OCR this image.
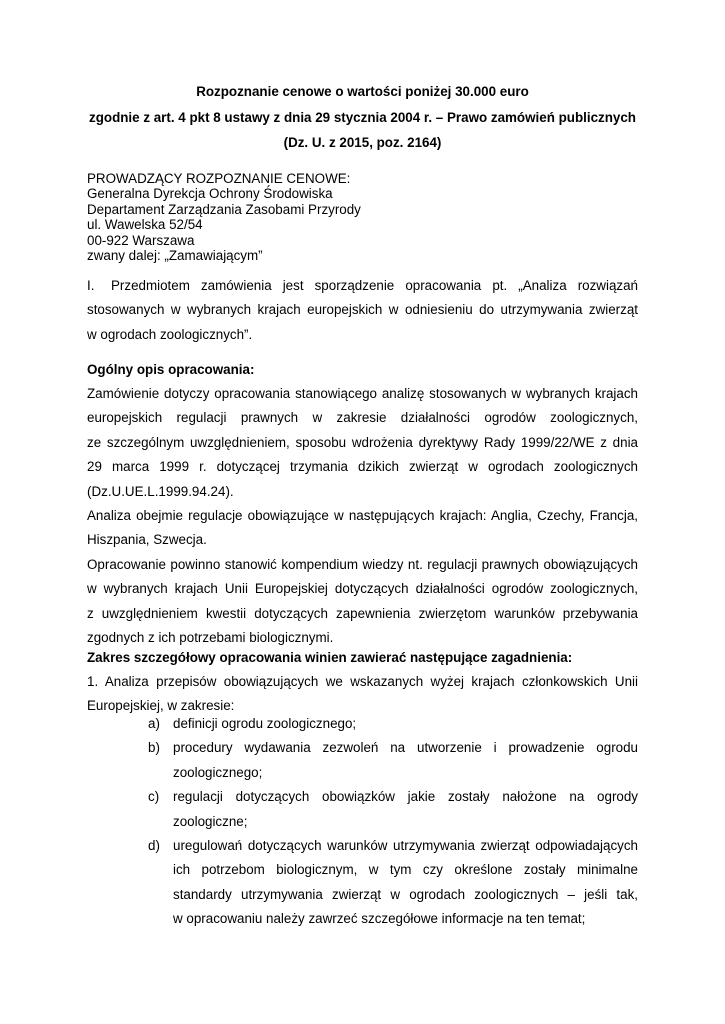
Rozpoznanie cenowe o wartości poniżej 30.000 euro
zgodnie z art. 4 pkt 8 ustawy z dnia 29 stycznia 2004 r. – Prawo zamówień publicznych
(Dz. U. z 2015, poz. 2164)
PROWADZĄCY ROZPOZNANIE CENOWE:
Generalna Dyrekcja Ochrony Środowiska
Departament Zarządzania Zasobami Przyrody
ul. Wawelska 52/54
00-922 Warszawa
zwany dalej: „Zamawiającym”
I. Przedmiotem zamówienia jest sporządzenie opracowania pt. „Analiza rozwiązań
stosowanych w wybranych krajach europejskich w odniesieniu do utrzymywania zwierząt
w ogrodach zoologicznych”.
Ogólny opis opracowania:
Zamówienie dotyczy opracowania stanowiącego analizę stosowanych w wybranych krajach
europejskich regulacji prawnych w zakresie działalności ogrodów zoologicznych,
ze szczególnym uwzględnieniem, sposobu wdrożenia dyrektywy Rady 1999/22/WE z dnia
29 marca 1999 r. dotyczącej trzymania dzikich zwierząt w ogrodach zoologicznych
(Dz.U.UE.L.1999.94.24).
Analiza obejmie regulacje obowiązujące w następujących krajach: Anglia, Czechy, Francja,
Hiszpania, Szwecja.
Opracowanie powinno stanowić kompendium wiedzy nt. regulacji prawnych obowiązujących
w wybranych krajach Unii Europejskiej dotyczących działalności ogrodów zoologicznych,
z uwzględnieniem kwestii dotyczących zapewnienia zwierzętom warunków przebywania
zgodnych z ich potrzebami biologicznymi.
Zakres szczegółowy opracowania winien zawierać następujące zagadnienia:
1. Analiza przepisów obowiązujących we wskazanych wyżej krajach członkowskich Unii
Europejskiej, w zakresie:
a) definicji ogrodu zoologicznego;
b) procedury wydawania zezwoleń na utworzenie i prowadzenie ogrodu
zoologicznego;
c) regulacji dotyczących obowiązków jakie zostały nałożone na ogrody
zoologiczne;
d) uregulowań dotyczących warunków utrzymywania zwierząt odpowiadających
ich potrzebom biologicznym, w tym czy określone zostały minimalne
standardy utrzymywania zwierząt w ogrodach zoologicznych – jeśli tak,
w opracowaniu należy zawrzeć szczegółowe informacje na ten temat;
